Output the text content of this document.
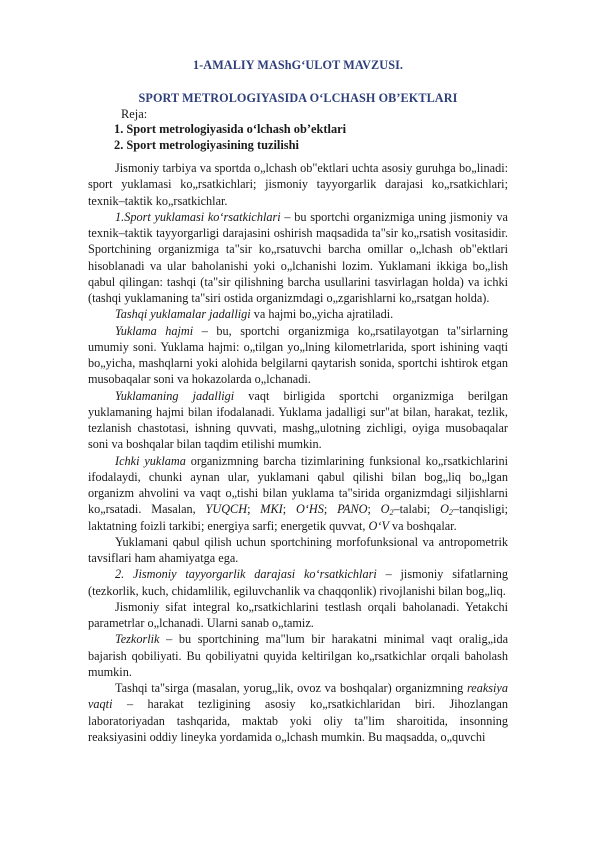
1-AMALIY MAShG‘ULOT MAVZUSI.
SPORT METROLOGIYASIDA O‘LCHASH OB’EKTLARI
Reja:
1. Sport metrologiyasida o‘lchash ob’ektlari
2. Sport metrologiyasining tuzilishi

Jismoniy tarbiya va sportda o„lchash ob"ektlari uchta asosiy guruhga bo„linadi: sport yuklamasi ko„rsatkichlari; jismoniy tayyorgarlik darajasi ko„rsatkichlari; texnik–taktik ko„rsatkichlar.

1.Sport yuklamasi ko‘rsatkichlari – bu sportchi organizmiga uning jismoniy va texnik–taktik tayyorgarligi darajasini oshirish maqsadida ta"sir ko„rsatish vositasidir. Sportchining organizmiga ta"sir ko„rsatuvchi barcha omillar o„lchash ob"ektlari hisoblanadi va ular baholanishi yoki o„lchanishi lozim. Yuklamani ikkiga bo„lish qabul qilingan: tashqi (ta"sir qilishning barcha usullarini tasvirlagan holda) va ichki (tashqi yuklamaning ta"siri ostida organizmdagi o„zgarishlarni ko„rsatgan holda).

Tashqi yuklamalar jadalligi va hajmi bo„yicha ajratiladi.

Yuklama hajmi – bu, sportchi organizmiga ko„rsatilayotgan ta"sirlarning umumiy soni. Yuklama hajmi: o„tilgan yo„lning kilometrlarida, sport ishining vaqti bo„yicha, mashqlarni yoki alohida belgilarni qaytarish sonida, sportchi ishtirok etgan musobaqalar soni va hokazolarda o„lchanadi.

Yuklamaning jadalligi vaqt birligida sportchi organizmiga berilgan yuklamaning hajmi bilan ifodalanadi. Yuklama jadalligi sur"at bilan, harakat, tezlik, tezlanish chastotasi, ishning quvvati, mashg„ulotning zichligi, oyiga musobaqalar soni va boshqalar bilan taqdim etilishi mumkin.

Ichki yuklama organizmning barcha tizimlarining funksional ko„rsatkichlarini ifodalaydi, chunki aynan ular, yuklamani qabul qilishi bilan bog„liq bo„lgan organizm ahvolini va vaqt o„tishi bilan yuklama ta"sirida organizmdagi siljishlarni ko„rsatadi. Masalan, YUQCH; MKI; O‘HS; PANO; $O_2$–talabi; $O_2$–tanqisligi; laktatning foizli tarkibi; energiya sarfi; energetik quvvat, O‘V va boshqalar.

Yuklamani qabul qilish uchun sportchining morfofunksional va antropometrik tavsiflari ham ahamiyatga ega.

2. Jismoniy tayyorgarlik darajasi ko‘rsatkichlari – jismoniy sifatlarning (tezkorlik, kuch, chidamlilik, egiluvchanlik va chaqqonlik) rivojlanishi bilan bog„liq.

Jismoniy sifat integral ko„rsatkichlarini testlash orqali baholanadi. Yetakchi parametrlar o„lchanadi. Ularni sanab o„tamiz.

Tezkorlik – bu sportchining ma"lum bir harakatni minimal vaqt oralig„ida bajarish qobiliyati. Bu qobiliyatni quyida keltirilgan ko„rsatkichlar orqali baholash mumkin.

Tashqi ta"sirga (masalan, yorug„lik, ovoz va boshqalar) organizmning reaksiya vaqti – harakat tezligining asosiy ko„rsatkichlaridan biri. Jihozlangan laboratoriyadan tashqarida, maktab yoki oliy ta"lim sharoitida, insonning reaksiyasini oddiy lineyka yordamida o„lchash mumkin. Bu maqsadda, o„quvchi
